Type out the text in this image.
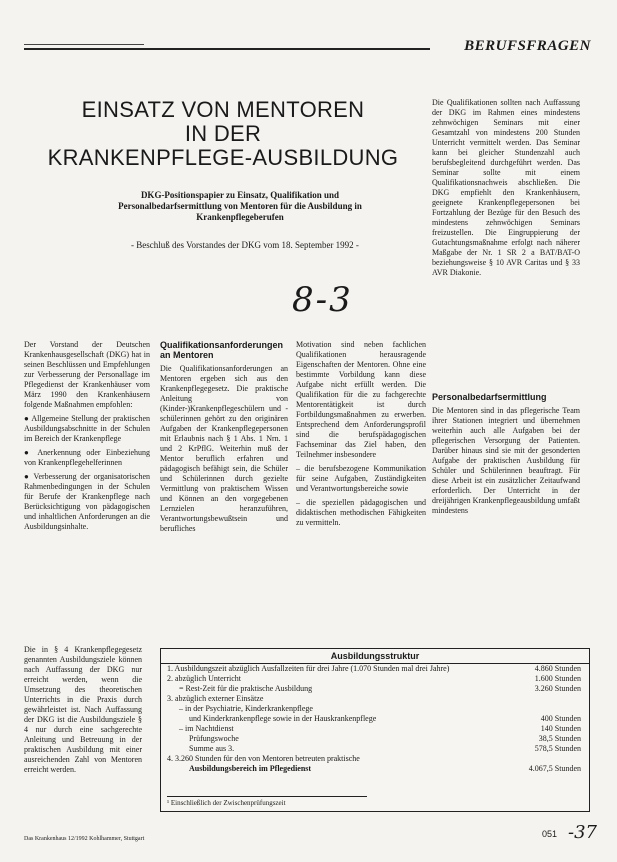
BERUFSFRAGEN
EINSATZ VON MENTOREN
IN DER
KRANKENPFLEGE-AUSBILDUNG
DKG-Positionspapier zu Einsatz, Qualifikation und Personalbedarfsermittlung von Mentoren für die Ausbildung in Krankenpflegeberufen
- Beschluß des Vorstandes der DKG vom 18. September 1992 -
8-3

Die Qualifikationen sollten nach Auffassung der DKG im Rahmen eines mindestens zehnwöchigen Seminars mit einer Gesamtzahl von mindestens 200 Stunden Unterricht vermittelt werden. Das Seminar kann bei gleicher Stundenzahl auch berufsbegleitend durchgeführt werden. Das Seminar sollte mit einem Qualifikationsnachweis abschließen. Die DKG empfiehlt den Krankenhäusern, geeignete Krankenpflegepersonen bei Fortzahlung der Bezüge für den Besuch des mindestens zehnwöchigen Seminars freizustellen. Die Eingruppierung der Gutachtungsmaßnahme erfolgt nach näherer Maßgabe der Nr. 1 SR 2 a BAT/BAT-O beziehungsweise § 10 AVR Caritas und § 33 AVR Diakonie.

Der Vorstand der Deutschen Krankenhausgesellschaft (DKG) hat in seinen Beschlüssen und Empfehlungen zur Verbesserung der Personallage im Pflegedienst der Krankenhäuser vom März 1990 den Krankenhäusern folgende Maßnahmen empfohlen:

● Allgemeine Stellung der praktischen Ausbildungsabschnitte in der Schulen im Bereich der Krankenpflege

● Anerkennung oder Einbeziehung von Krankenpflegehelferinnen

● Verbesserung der organisatorischen Rahmenbedingungen in der Schulen für Berufe der Krankenpflege nach Berücksichtigung von pädagogischen und inhaltlichen Anforderungen an die Ausbildungsinhalte.

Qualifikationsanforderungen an Mentoren

Die Qualifikationsanforderungen an Mentoren ergeben sich aus den Krankenpflegegesetz. Die praktische Anleitung von (Kinder-)Krankenpflegeschülern und -schülerinnen gehört zu den originären Aufgaben der Krankenpflegepersonen mit Erlaubnis nach § 1 Abs. 1 Nrn. 1 und 2 KrPflG. Weiterhin muß der Mentor beruflich erfahren und pädagogisch befähigt sein, die Schüler und Schülerinnen durch gezielte Vermittlung von praktischem Wissen und Können an den vorgegebenen Lernzielen heranzuführen, Verantwortungsbewußtsein und berufliches

Motivation sind neben fachlichen Qualifikationen herausragende Eigenschaften der Mentoren. Ohne eine bestimmte Vorbildung kann diese Aufgabe nicht erfüllt werden. Die Qualifikation für die zu fachgerechte Mentorentätigkeit ist durch Fortbildungsmaßnahmen zu erwerben. Entsprechend dem Anforderungsprofil sind die berufspädagogischen Fachseminar das Ziel haben, den Teilnehmer insbesondere

– die berufsbezogene Kommunikation für seine Aufgaben, Zuständigkeiten und Verantwortungsbereiche sowie

– die speziellen pädagogischen und didaktischen methodischen Fähigkeiten zu vermitteln.

Personalbedarfsermittlung

Die Mentoren sind in das pflegerische Team ihrer Stationen integriert und übernehmen weiterhin auch alle Aufgaben bei der pflegerischen Versorgung der Patienten. Darüber hinaus sind sie mit der gesonderten Aufgabe der praktischen Ausbildung für Schüler und Schülerinnen beauftragt. Für diese Arbeit ist ein zusätzlicher Zeitaufwand erforderlich. Der Unterricht in der dreijährigen Krankenpflegeausbildung umfaßt mindestens

Die in § 4 Krankenpflegegesetz genannten Ausbildungsziele können nach Auffassung der DKG nur erreicht werden, wenn die Umsetzung des theoretischen Unterrichts in die Praxis durch gewährleistet ist. Nach Auffassung der DKG ist die Ausbildungsziele § 4 nur durch eine sachgerechte Anleitung und Betreuung in der praktischen Ausbildung mit einer ausreichenden Zahl von Mentoren erreicht werden.

Ausbildungsstruktur
1. Ausbildungszeit abzüglich Ausfallzeiten für drei Jahre (1.070 Stunden mal drei Jahre)	4.860 Stunden
2. abzüglich Unterricht	1.600 Stunden
= Rest-Zeit für die praktische Ausbildung	3.260 Stunden
3. abzüglich externer Einsätze
– in der Psychiatrie, Kinderkrankenpflege
und Kinderkrankenpflege sowie in der Hauskrankenpflege	400 Stunden
– im Nachtdienst	140 Stunden
Prüfungswoche	38,5 Stunden
Summe aus 3.	578,5 Stunden
4. 3.260 Stunden für den von Mentoren betreuten praktische
Ausbildungsbereich im Pflegedienst	4.067,5 Stunden
¹ Einschließlich der Zwischenprüfungszeit
Das Krankenhaus 12/1992 Kohlhammer, Stuttgart	051 -37
